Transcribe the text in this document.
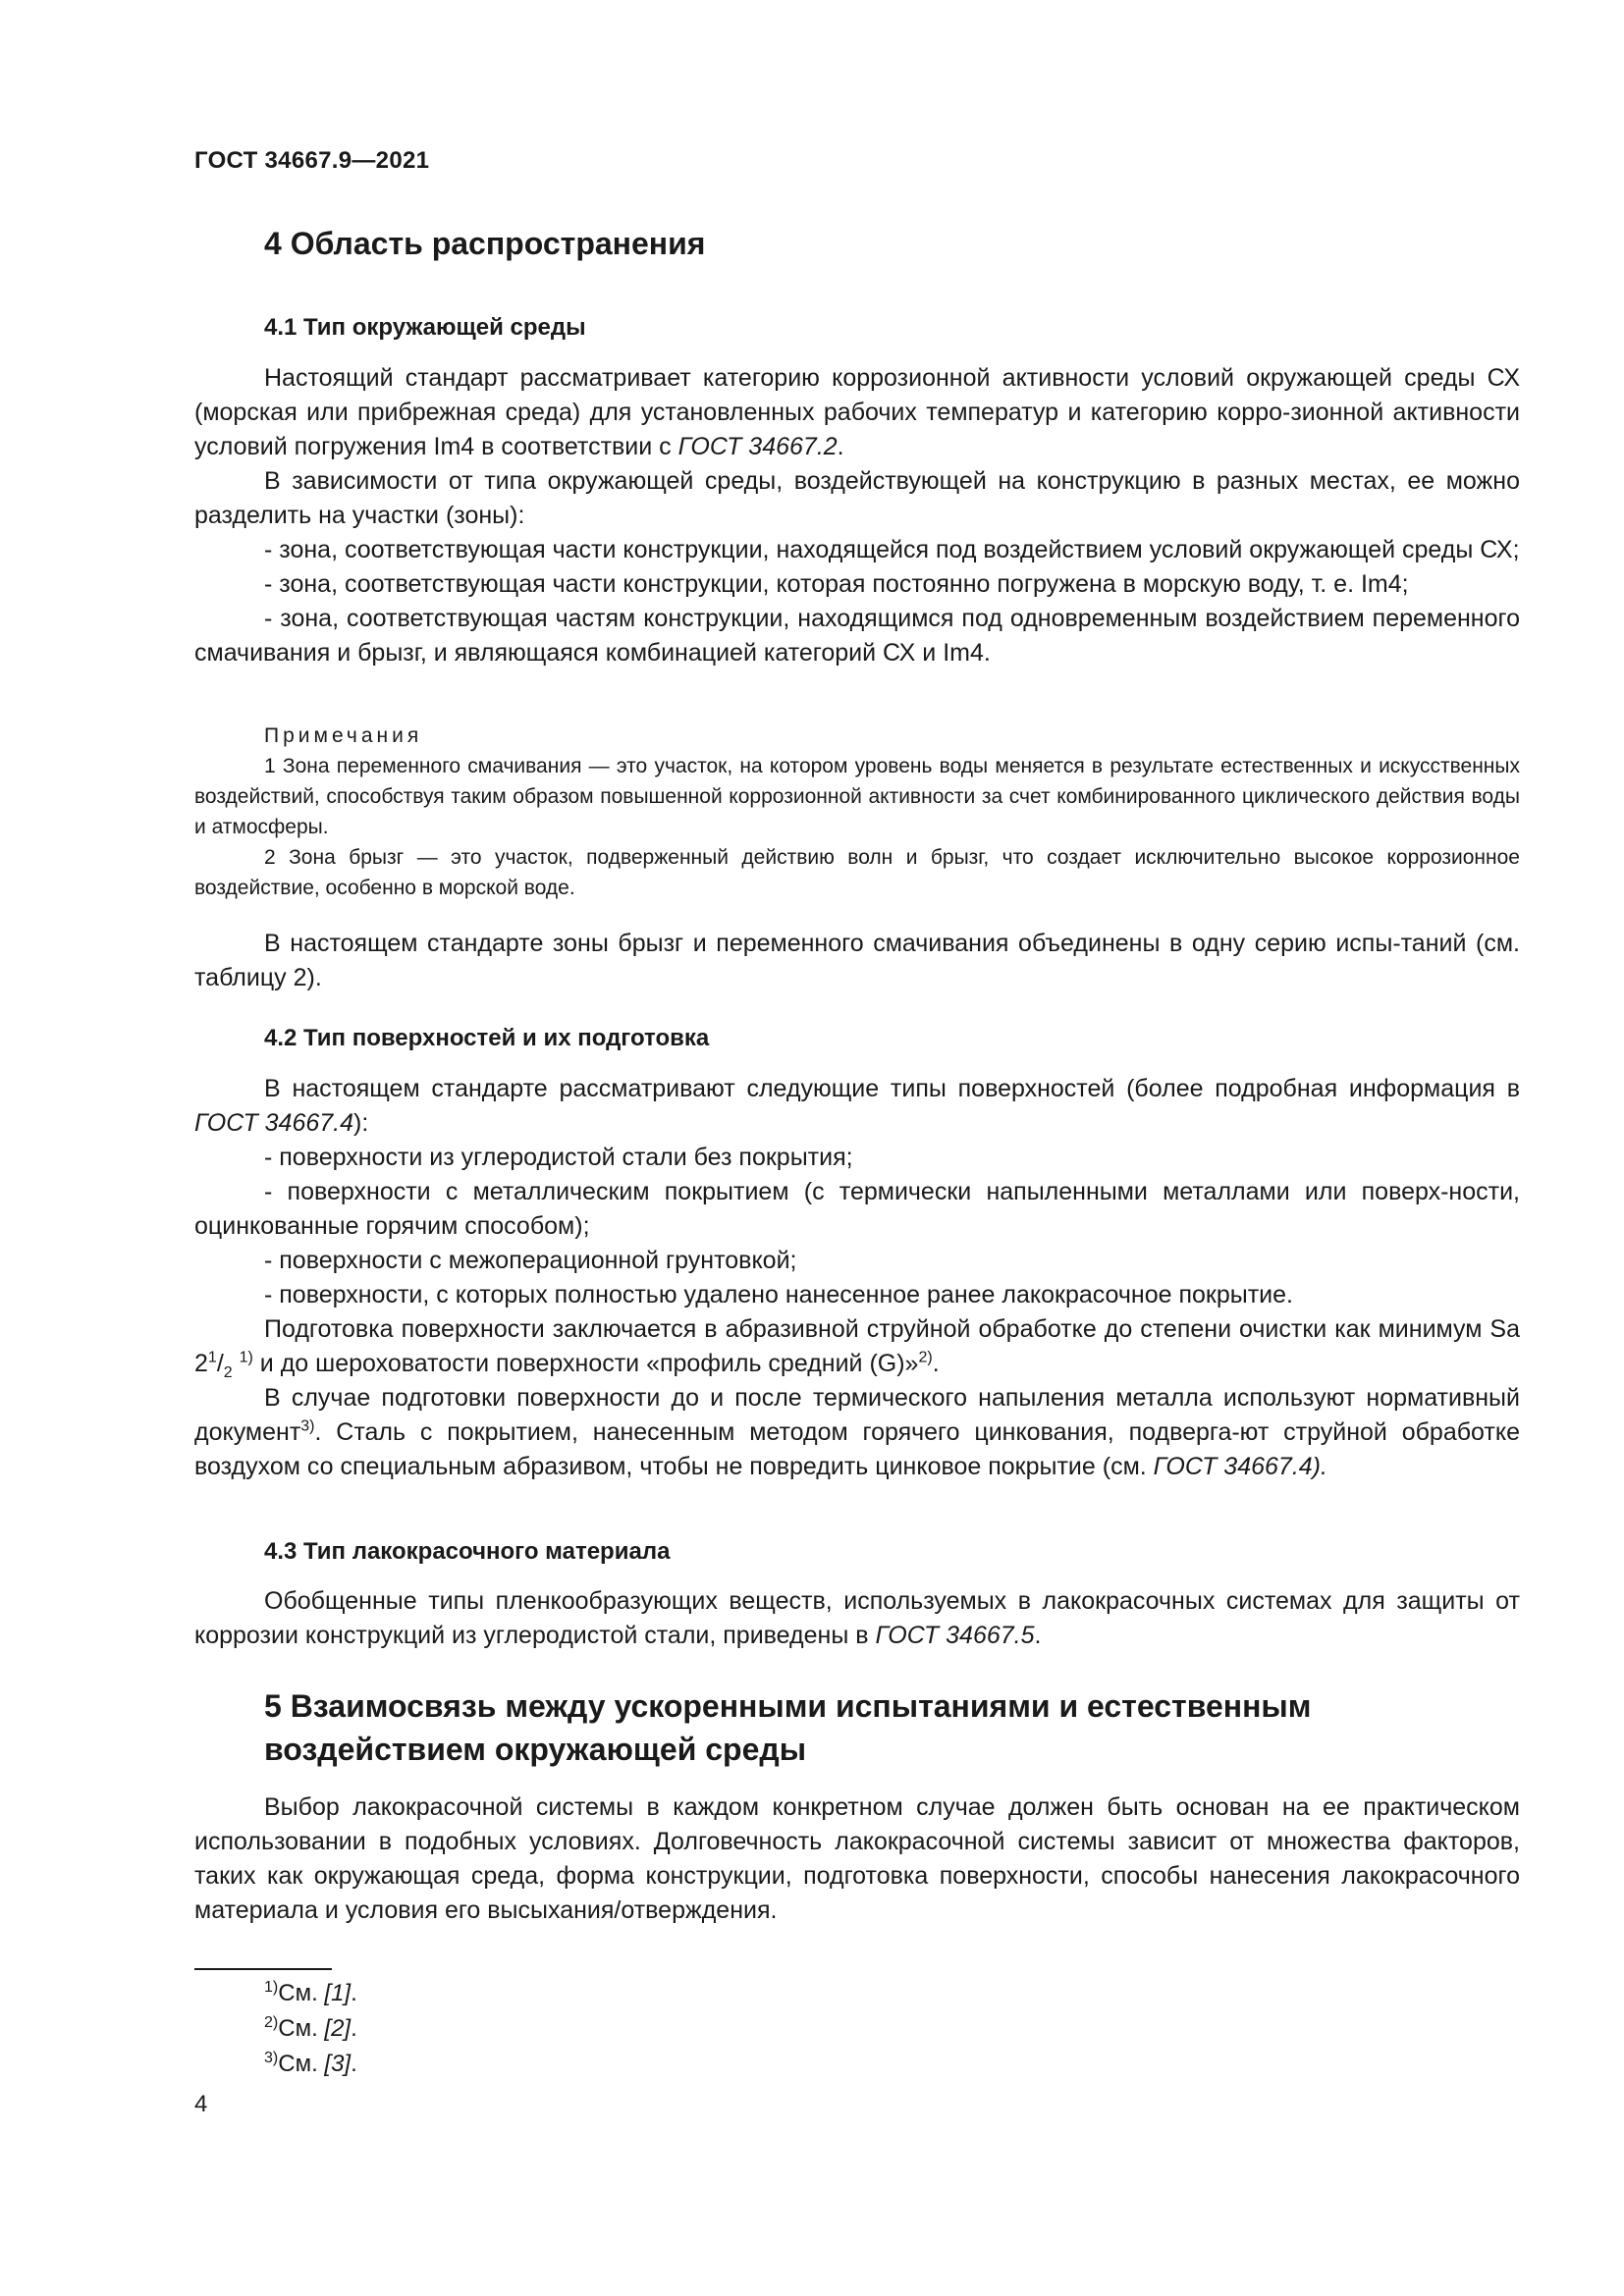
ГОСТ 34667.9—2021
4 Область распространения
4.1 Тип окружающей среды

Настоящий стандарт рассматривает категорию коррозионной активности условий окружающей среды СХ (морская или прибрежная среда) для установленных рабочих температур и категорию корро-зионной активности условий погружения Im4 в соответствии с ГОСТ 34667.2.

В зависимости от типа окружающей среды, воздействующей на конструкцию в разных местах, ее можно разделить на участки (зоны):

- зона, соответствующая части конструкции, находящейся под воздействием условий окружающей среды СХ;

- зона, соответствующая части конструкции, которая постоянно погружена в морскую воду, т. е. Im4;

- зона, соответствующая частям конструкции, находящимся под одновременным воздействием переменного смачивания и брызг, и являющаяся комбинацией категорий СХ и Im4.

Примечания

1 Зона переменного смачивания — это участок, на котором уровень воды меняется в результате естественных и искусственных воздействий, способствуя таким образом повышенной коррозионной активности за счет комбинированного циклического действия воды и атмосферы.

2 Зона брызг — это участок, подверженный действию волн и брызг, что создает исключительно высокое коррозионное воздействие, особенно в морской воде.

В настоящем стандарте зоны брызг и переменного смачивания объединены в одну серию испы-таний (см. таблицу 2).

4.2 Тип поверхностей и их подготовка

В настоящем стандарте рассматривают следующие типы поверхностей (более подробная информация в ГОСТ 34667.4):

- поверхности из углеродистой стали без покрытия;

- поверхности с металлическим покрытием (с термически напыленными металлами или поверх-ности, оцинкованные горячим способом);

- поверхности с межоперационной грунтовкой;

- поверхности, с которых полностью удалено нанесенное ранее лакокрасочное покрытие.

Подготовка поверхности заключается в абразивной струйной обработке до степени очистки как минимум Sa $2^1/_2$ $^{1)}$ и до шероховатости поверхности «профиль средний (G)»$^{2)}$.

В случае подготовки поверхности до и после термического напыления металла используют нормативный документ$^{3)}$. Сталь с покрытием, нанесенным методом горячего цинкования, подверга-ют струйной обработке воздухом со специальным абразивом, чтобы не повредить цинковое покрытие (см. ГОСТ 34667.4).

4.3 Тип лакокрасочного материала

Обобщенные типы пленкообразующих веществ, используемых в лакокрасочных системах для защиты от коррозии конструкций из углеродистой стали, приведены в ГОСТ 34667.5.

5 Взаимосвязь между ускоренными испытаниями и естественным
воздействием окружающей среды

Выбор лакокрасочной системы в каждом конкретном случае должен быть основан на ее практическом использовании в подобных условиях. Долговечность лакокрасочной системы зависит от множества факторов, таких как окружающая среда, форма конструкции, подготовка поверхности, способы нанесения лакокрасочного материала и условия его высыхания/отверждения.

$^{1)}$См. [1].
$^{2)}$См. [2].
$^{3)}$См. [3].
4
